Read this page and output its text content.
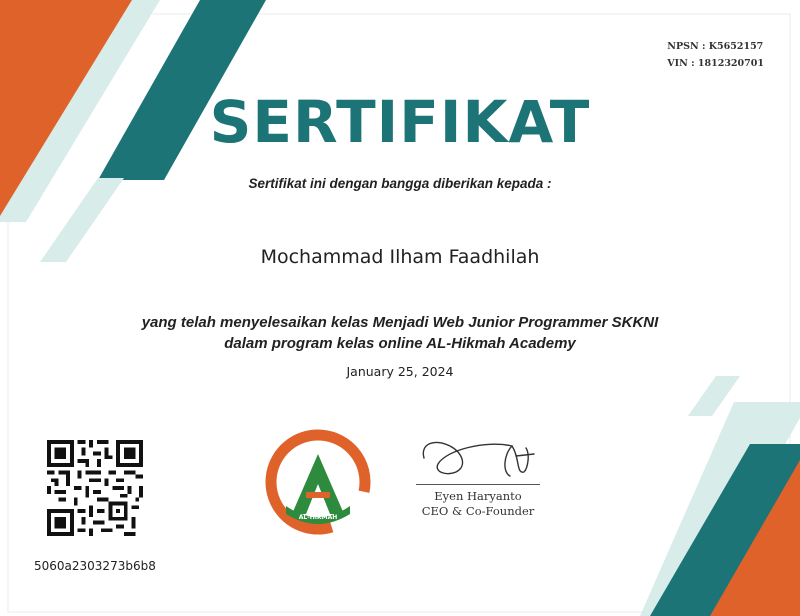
NPSN : K5652157
VIN : 1812320701
SERTIFIKAT
Sertifikat ini dengan bangga diberikan kepada :
Mochammad Ilham Faadhilah
yang telah menyelesaikan kelas Menjadi Web Junior Programmer SKKNI
dalam program kelas online AL-Hikmah Academy
January 25, 2024
5060a2303273b6b8
AL-HIKMAH
Eyen Haryanto
CEO & Co-Founder
